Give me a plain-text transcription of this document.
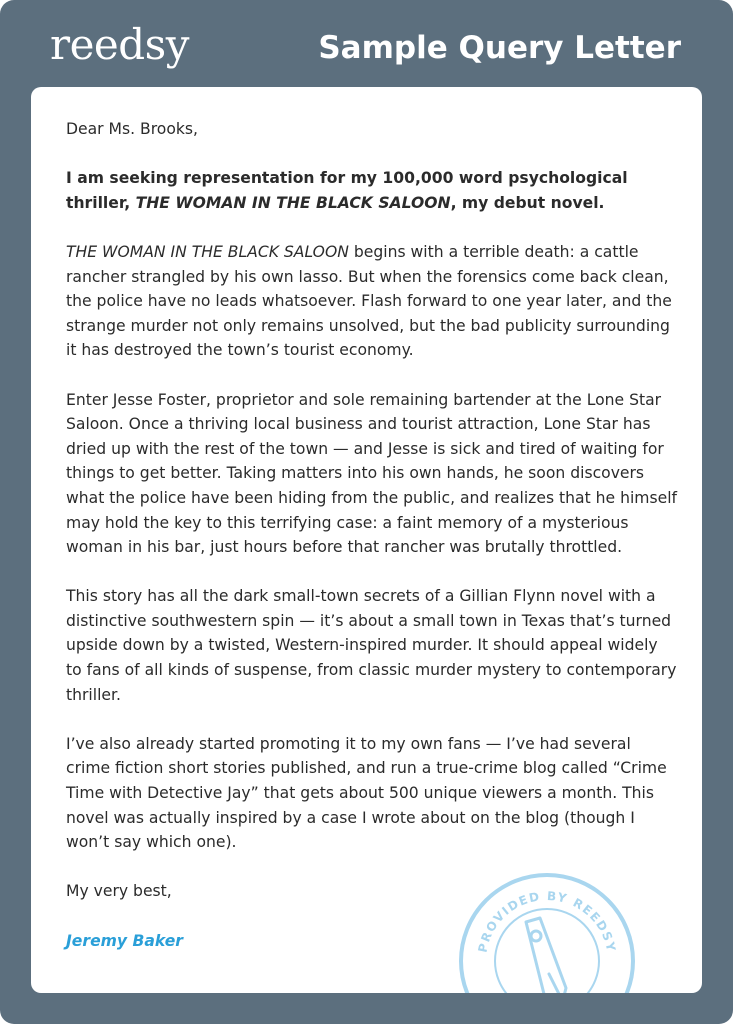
reedsy	Sample Query Letter

Dear Ms. Brooks,

I am seeking representation for my 100,000 word psychological thriller, THE WOMAN IN THE BLACK SALOON, my debut novel.

THE WOMAN IN THE BLACK SALOON begins with a terrible death: a cattle rancher strangled by his own lasso. But when the forensics come back clean, the police have no leads whatsoever. Flash forward to one year later, and the strange murder not only remains unsolved, but the bad publicity surrounding it has destroyed the town’s tourist economy.

Enter Jesse Foster, proprietor and sole remaining bartender at the Lone Star Saloon. Once a thriving local business and tourist attraction, Lone Star has dried up with the rest of the town — and Jesse is sick and tired of waiting for things to get better. Taking matters into his own hands, he soon discovers what the police have been hiding from the public, and realizes that he himself may hold the key to this terrifying case: a faint memory of a mysterious woman in his bar, just hours before that rancher was brutally throttled.

This story has all the dark small-town secrets of a Gillian Flynn novel with a distinctive southwestern spin — it’s about a small town in Texas that’s turned upside down by a twisted, Western-inspired murder. It should appeal widely to fans of all kinds of suspense, from classic murder mystery to contemporary thriller.

I’ve also already started promoting it to my own fans — I’ve had several crime fiction short stories published, and run a true-crime blog called “Crime Time with Detective Jay” that gets about 500 unique viewers a month. This novel was actually inspired by a case I wrote about on the blog (though I won’t say which one).

My very best,

Jeremy Baker	PROVIDED BY REEDSY
